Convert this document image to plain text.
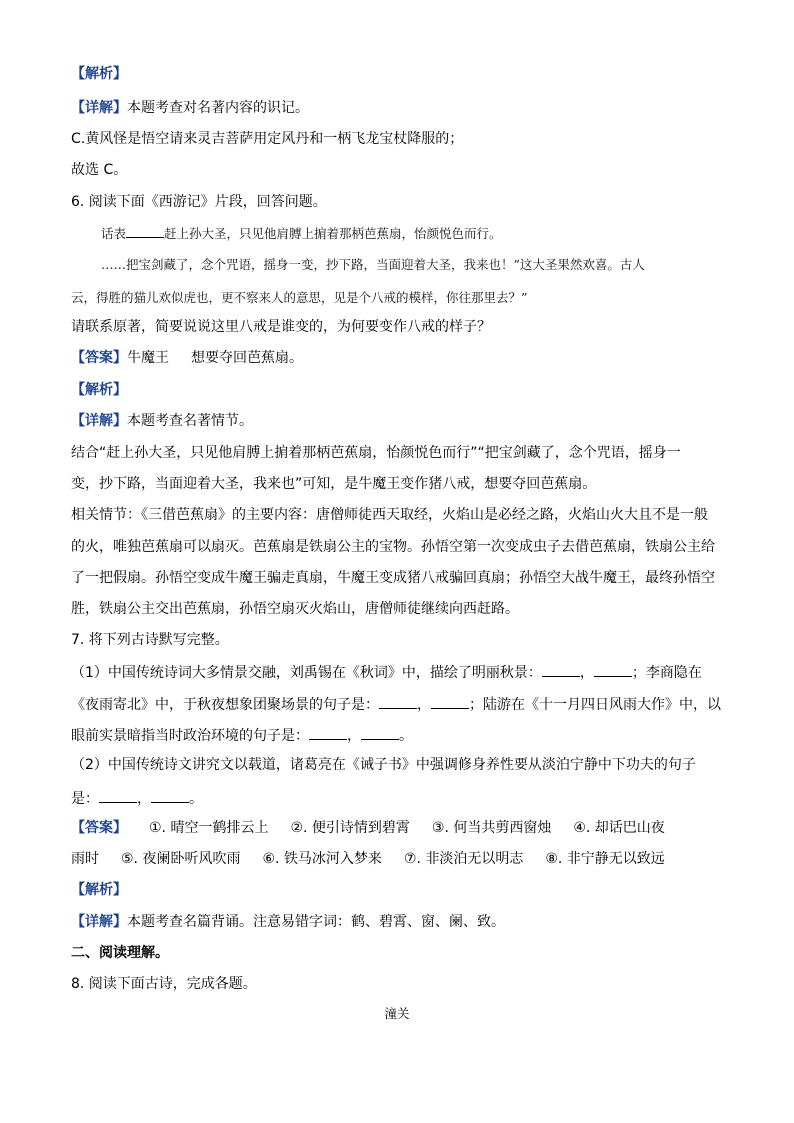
【解析】
【详解】本题考查对名著内容的识记。
C.黄风怪是悟空请来灵吉菩萨用定风丹和一柄飞龙宝杖降服的；
故选 C。
6. 阅读下面《西游记》片段，回答问题。
话表	赶上孙大圣，只见他肩膊上掮着那柄芭蕉扇，怡颜悦色而行。
……把宝剑藏了，念个咒语，摇身一变，抄下路，当面迎着大圣，我来也！”这大圣果然欢喜。古人
云，得胜的猫儿欢似虎也，更不察来人的意思，见是个八戒的模样，你往那里去？”
请联系原著，简要说说这里八戒是谁变的，为何要变作八戒的样子？
【答案】牛魔王 想要夺回芭蕉扇。
【解析】
【详解】本题考查名著情节。
结合“赶上孙大圣，只见他肩膊上掮着那柄芭蕉扇，怡颜悦色而行”“把宝剑藏了，念个咒语，摇身一
变，抄下路，当面迎着大圣，我来也”可知，是牛魔王变作猪八戒，想要夺回芭蕉扇。
相关情节：《三借芭蕉扇》的主要内容：唐僧师徒西天取经，火焰山是必经之路，火焰山火大且不是一般
的火，唯独芭蕉扇可以扇灭。芭蕉扇是铁扇公主的宝物。孙悟空第一次变成虫子去借芭蕉扇，铁扇公主给
了一把假扇。孙悟空变成牛魔王骗走真扇，牛魔王变成猪八戒骗回真扇；孙悟空大战牛魔王，最终孙悟空
胜，铁扇公主交出芭蕉扇，孙悟空扇灭火焰山，唐僧师徒继续向西赶路。
7. 将下列古诗默写完整。
（1）中国传统诗词大多情景交融，刘禹锡在《秋词》中，描绘了明丽秋景：	，	；李商隐在
《夜雨寄北》中，于秋夜想象团聚场景的句子是：	，	；陆游在《十一月四日风雨大作》中，以
眼前实景暗指当时政治环境的句子是：	，	。
（2）中国传统诗文讲究文以载道，诸葛亮在《诫子书》中强调修身养性要从淡泊宁静中下功夫的句子
是：	，	。
【答案】 ①. 晴空一鹤排云上 ②. 便引诗情到碧霄 ③. 何当共剪西窗烛 ④. 却话巴山夜
雨时 ⑤. 夜阑卧听风吹雨 ⑥. 铁马冰河入梦来 ⑦. 非淡泊无以明志 ⑧. 非宁静无以致远
【解析】
【详解】本题考查名篇背诵。注意易错字词：鹤、碧霄、窗、阑、致。
二、阅读理解。
8. 阅读下面古诗，完成各题。
潼关
